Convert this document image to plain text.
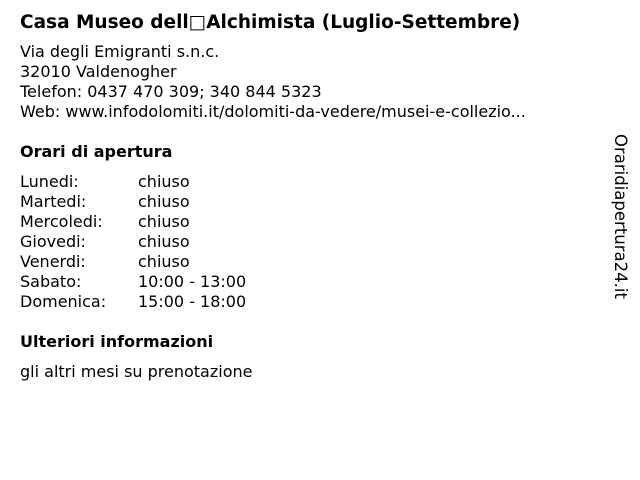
Casa Museo dell□Alchimista (Luglio-Settembre)
Via degli Emigranti s.n.c.
32010 Valdenogher
Telefon: 0437 470 309; 340 844 5323
Web: www.infodolomiti.it/dolomiti-da-vedere/musei-e-collezio...
Orari di apertura
Lunedi:	chiuso
Martedi:	chiuso
Mercoledi:	chiuso
Giovedi:	chiuso
Venerdi:	chiuso
Sabato:	10:00 - 13:00
Domenica:	15:00 - 18:00
Ulteriori informazioni
gli altri mesi su prenotazione
Oraridiapertura24.it
